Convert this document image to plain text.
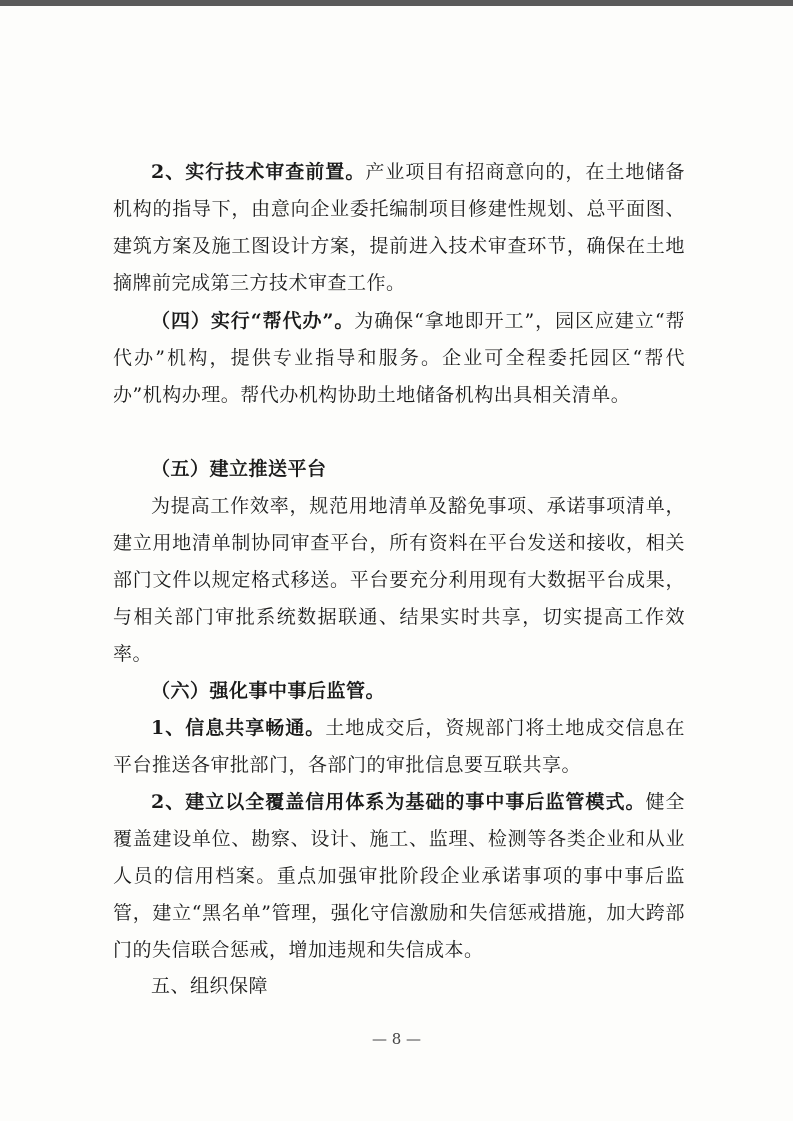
2、实行技术审查前置。产业项目有招商意向的，在土地储备机构的指导下，由意向企业委托编制项目修建性规划、总平面图、建筑方案及施工图设计方案，提前进入技术审查环节，确保在土地摘牌前完成第三方技术审查工作。

（四）实行“帮代办”。为确保“拿地即开工”，园区应建立“帮代办”机构，提供专业指导和服务。企业可全程委托园区“帮代办”机构办理。帮代办机构协助土地储备机构出具相关清单。

（五）建立推送平台

为提高工作效率，规范用地清单及豁免事项、承诺事项清单，建立用地清单制协同审查平台，所有资料在平台发送和接收，相关部门文件以规定格式移送。平台要充分利用现有大数据平台成果，与相关部门审批系统数据联通、结果实时共享，切实提高工作效率。

（六）强化事中事后监管。

1、信息共享畅通。土地成交后，资规部门将土地成交信息在平台推送各审批部门，各部门的审批信息要互联共享。

2、建立以全覆盖信用体系为基础的事中事后监管模式。健全覆盖建设单位、勘察、设计、施工、监理、检测等各类企业和从业人员的信用档案。重点加强审批阶段企业承诺事项的事中事后监管，建立“黑名单”管理，强化守信激励和失信惩戒措施，加大跨部门的失信联合惩戒，增加违规和失信成本。

五、组织保障

— 8 —
